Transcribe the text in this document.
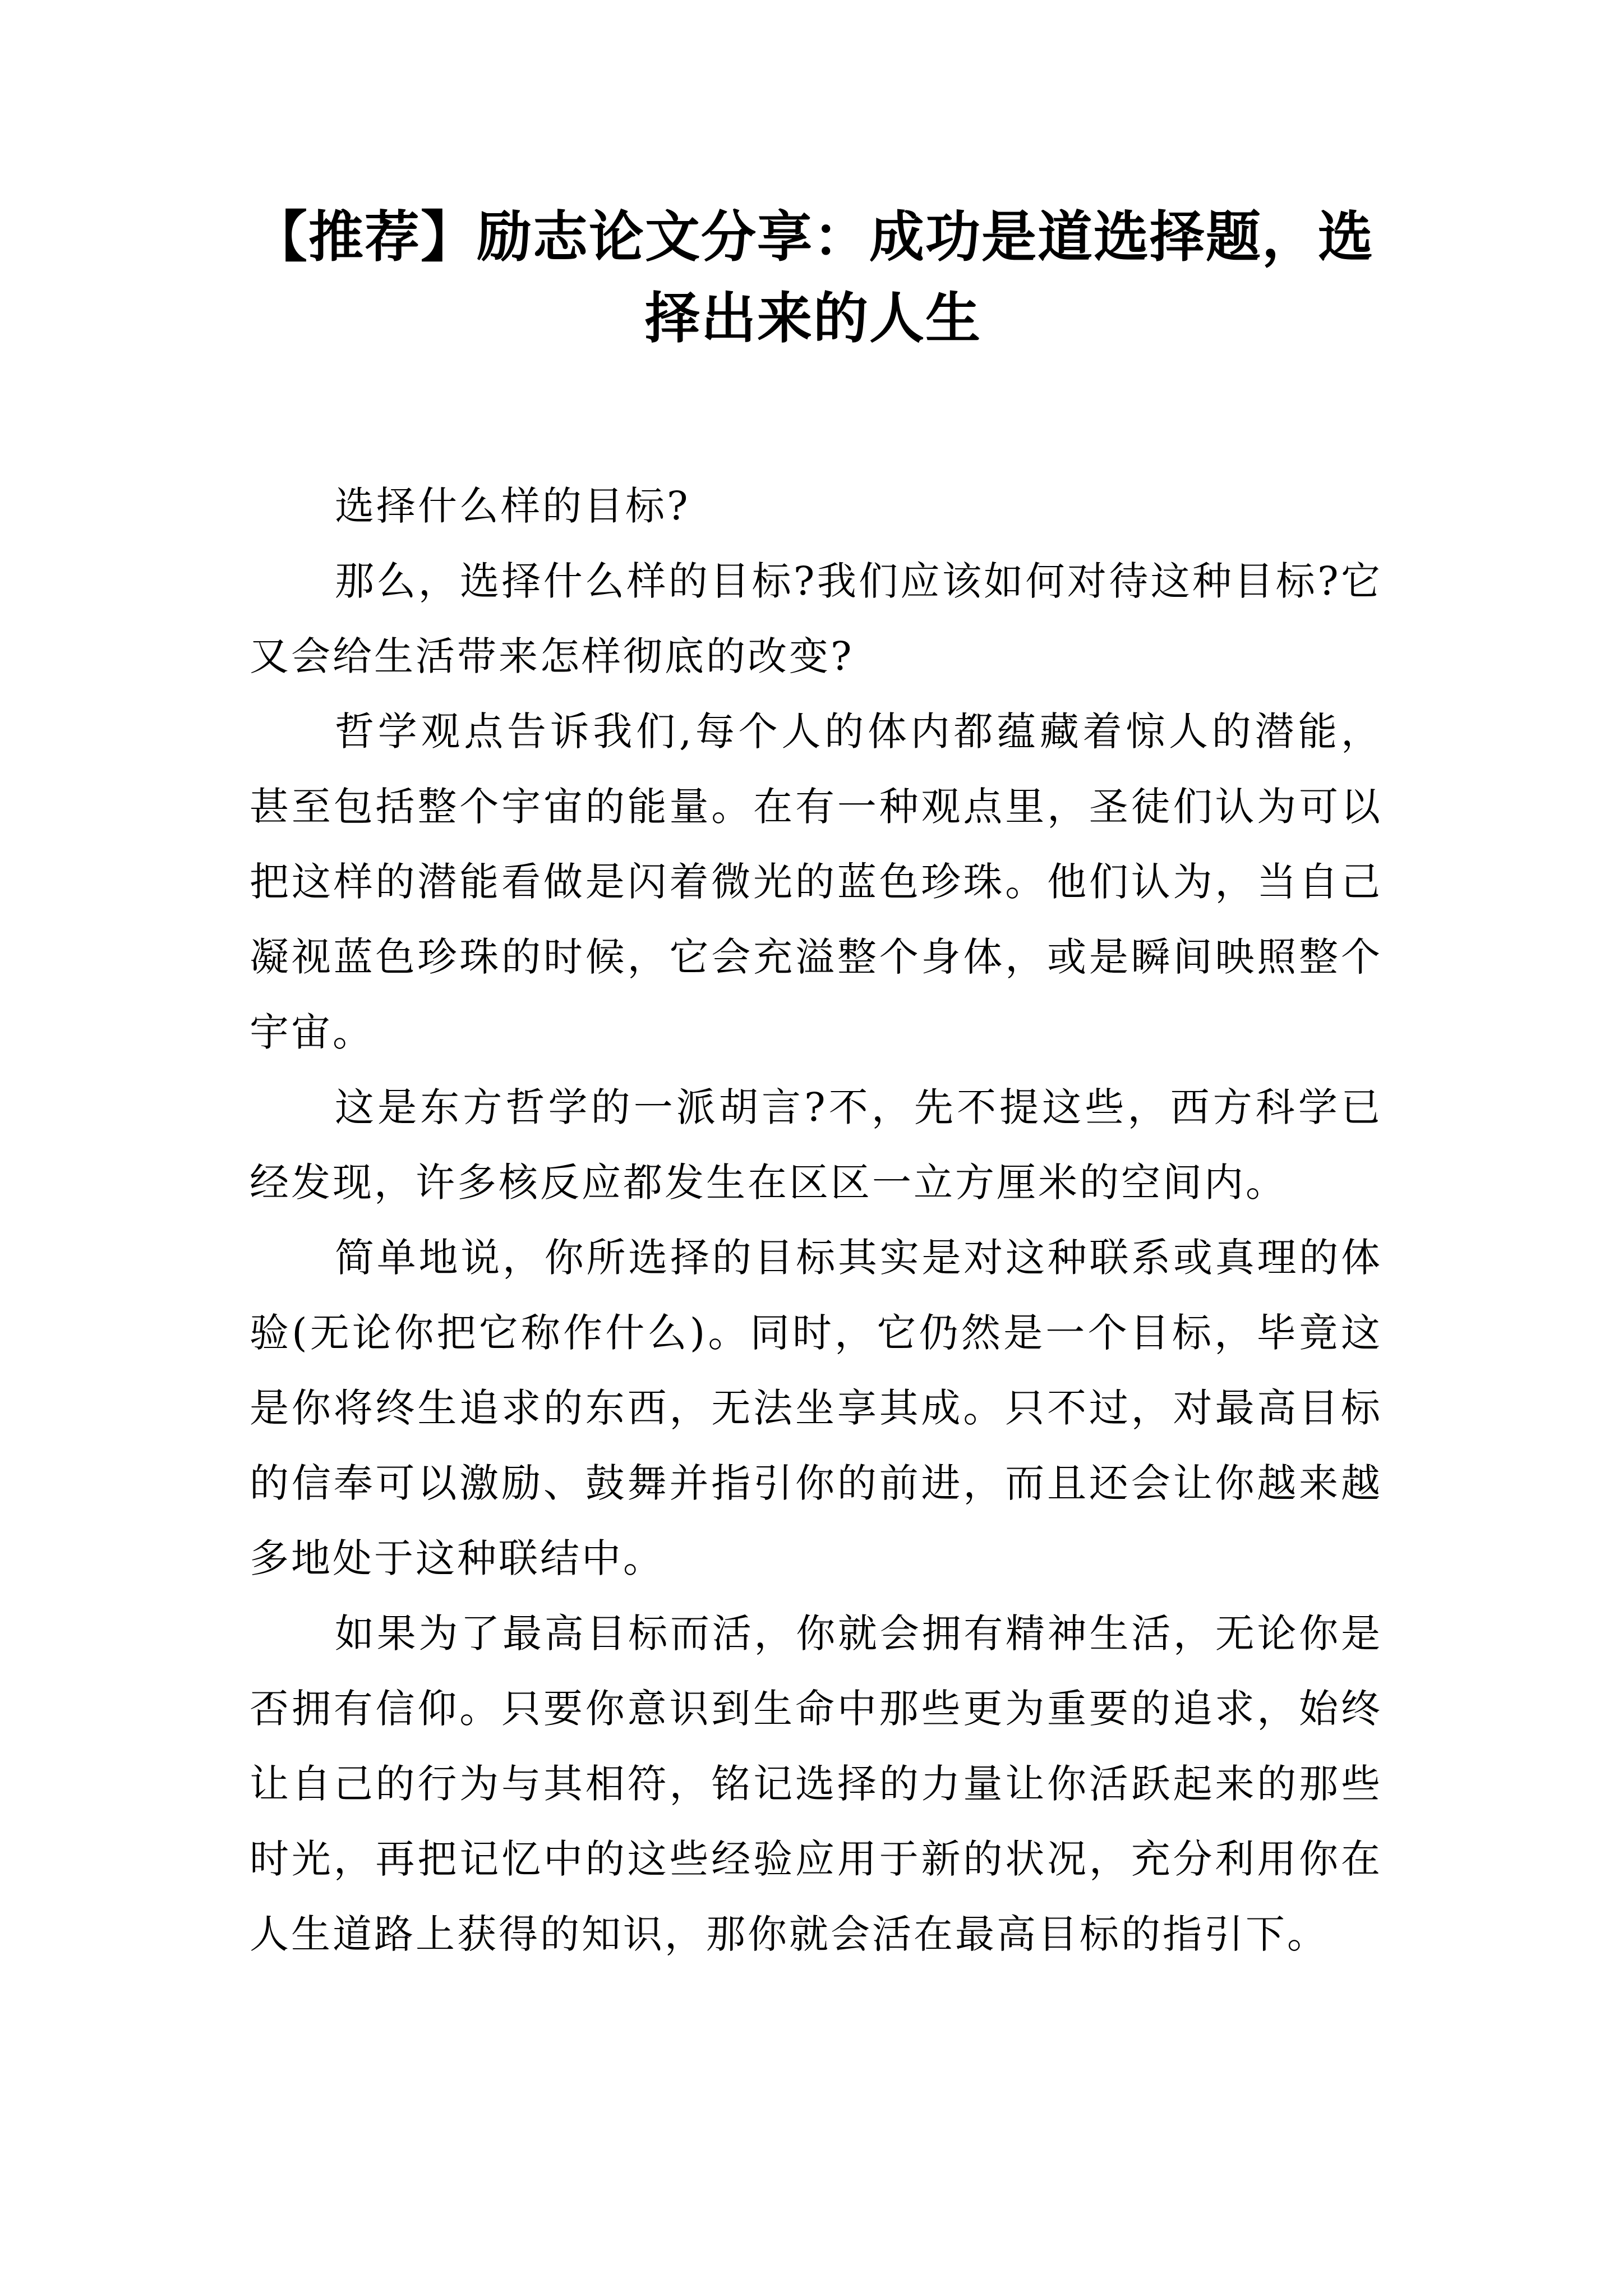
【推荐】励志论文分享：成功是道选择题，选择出来的人生

选择什么样的目标?

那么，选择什么样的目标?我们应该如何对待这种目标?它又会给生活带来怎样彻底的改变?

哲学观点告诉我们,每个人的体内都蕴藏着惊人的潜能，甚至包括整个宇宙的能量。在有一种观点里，圣徒们认为可以把这样的潜能看做是闪着微光的蓝色珍珠。他们认为，当自己凝视蓝色珍珠的时候，它会充溢整个身体，或是瞬间映照整个宇宙。

这是东方哲学的一派胡言?不，先不提这些，西方科学已经发现，许多核反应都发生在区区一立方厘米的空间内。

简单地说，你所选择的目标其实是对这种联系或真理的体验(无论你把它称作什么)。同时，它仍然是一个目标，毕竟这是你将终生追求的东西，无法坐享其成。只不过，对最高目标的信奉可以激励、鼓舞并指引你的前进，而且还会让你越来越多地处于这种联结中。

如果为了最高目标而活，你就会拥有精神生活，无论你是否拥有信仰。只要你意识到生命中那些更为重要的追求，始终让自己的行为与其相符，铭记选择的力量让你活跃起来的那些时光，再把记忆中的这些经验应用于新的状况，充分利用你在人生道路上获得的知识，那你就会活在最高目标的指引下。
